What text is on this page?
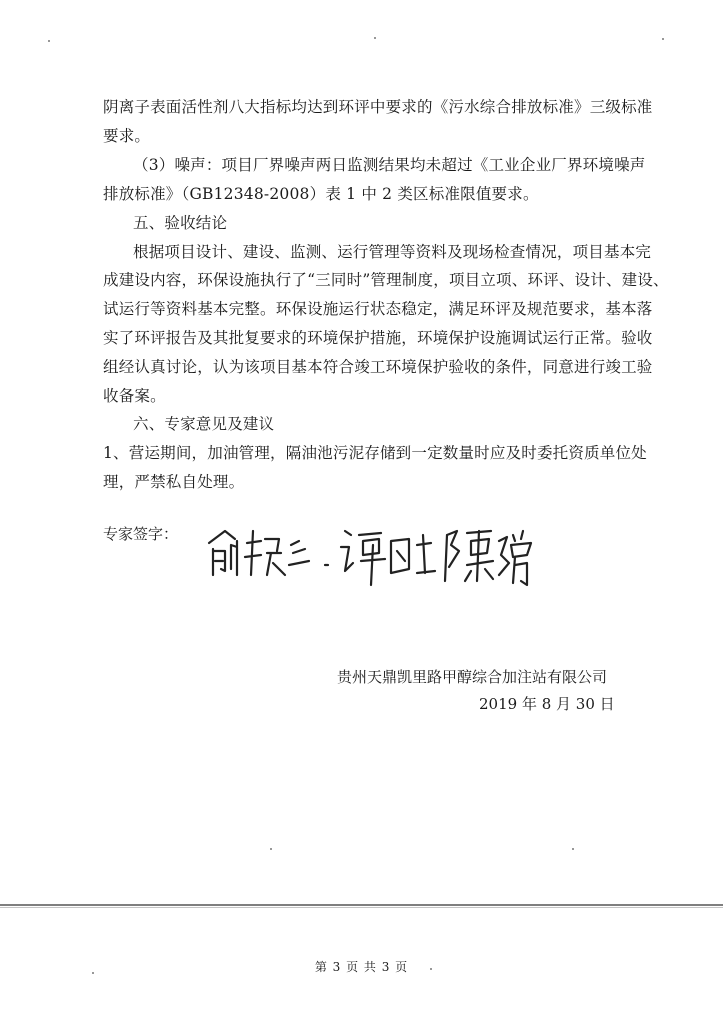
阴离子表面活性剂八大指标均达到环评中要求的《污水综合排放标准》三级标准
要求。
（3）噪声：项目厂界噪声两日监测结果均未超过《工业企业厂界环境噪声
排放标准》（GB12348-2008）表 1 中 2 类区标准限值要求。
五、验收结论
根据项目设计、建设、监测、运行管理等资料及现场检查情况，项目基本完
成建设内容，环保设施执行了“三同时”管理制度，项目立项、环评、设计、建设、
试运行等资料基本完整。环保设施运行状态稳定，满足环评及规范要求，基本落
实了环评报告及其批复要求的环境保护措施，环境保护设施调试运行正常。验收
组经认真讨论，认为该项目基本符合竣工环境保护验收的条件，同意进行竣工验
收备案。
六、专家意见及建议
1、营运期间，加油管理，隔油池污泥存储到一定数量时应及时委托资质单位处
理，严禁私自处理。
专家签字：
贵州天鼎凯里路甲醇综合加注站有限公司
2019 年 8 月 30 日
第 3 页 共 3 页
